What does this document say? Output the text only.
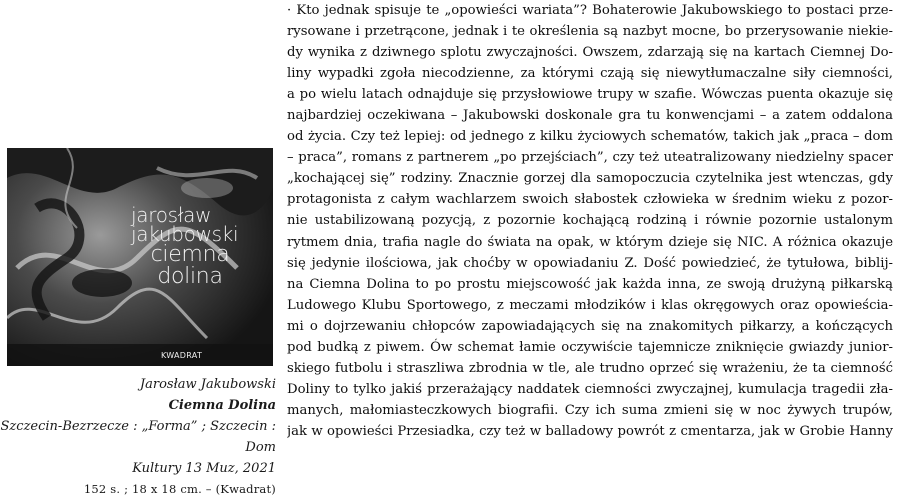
jarosław
jakubowski
ciemna
dolina
KWADRAT
Jarosław Jakubowski
Ciemna Dolina
Szczecin-Bezrzecze : „Forma” ; Szczecin : Dom
Kultury 13 Muz, 2021
152 s. ; 18 x 18 cm. – (Kwadrat)
· Kto jednak spisuje te „opowieści wariata”? Bohaterowie Jakubowskiego to postaci prze-
rysowane i przetrącone, jednak i te określenia są nazbyt mocne, bo przerysowanie niekie-
dy wynika z dziwnego splotu zwyczajności. Owszem, zdarzają się na kartach Ciemnej Do-
liny wypadki zgoła niecodzienne, za którymi czają się niewytłumaczalne siły ciemności,
a po wielu latach odnajduje się przysłowiowe trupy w szafie. Wówczas puenta okazuje się
najbardziej oczekiwana – Jakubowski doskonale gra tu konwencjami – a zatem oddalona
od życia. Czy też lepiej: od jednego z kilku życiowych schematów, takich jak „praca – dom
– praca”, romans z partnerem „po przejściach”, czy też uteatralizowany niedzielny spacer
„kochającej się” rodziny. Znacznie gorzej dla samopoczucia czytelnika jest wtenczas, gdy
protagonista z całym wachlarzem swoich słabostek człowieka w średnim wieku z pozor-
nie ustabilizowaną pozycją, z pozornie kochającą rodziną i równie pozornie ustalonym
rytmem dnia, trafia nagle do świata na opak, w którym dzieje się NIC. A różnica okazuje
się jedynie ilościowa, jak choćby w opowiadaniu Z. Dość powiedzieć, że tytułowa, biblij-
na Ciemna Dolina to po prostu miejscowość jak każda inna, ze swoją drużyną piłkarską
Ludowego Klubu Sportowego, z meczami młodzików i klas okręgowych oraz opowieścia-
mi o dojrzewaniu chłopców zapowiadających się na znakomitych piłkarzy, a kończących
pod budką z piwem. Ów schemat łamie oczywiście tajemnicze zniknięcie gwiazdy junior-
skiego futbolu i straszliwa zbrodnia w tle, ale trudno oprzeć się wrażeniu, że ta ciemność
Doliny to tylko jakiś przerażający naddatek ciemności zwyczajnej, kumulacja tragedii zła-
manych, małomiasteczkowych biografii. Czy ich suma zmieni się w noc żywych trupów,
jak w opowieści Przesiadka, czy też w balladowy powrót z cmentarza, jak w Grobie Hanny
